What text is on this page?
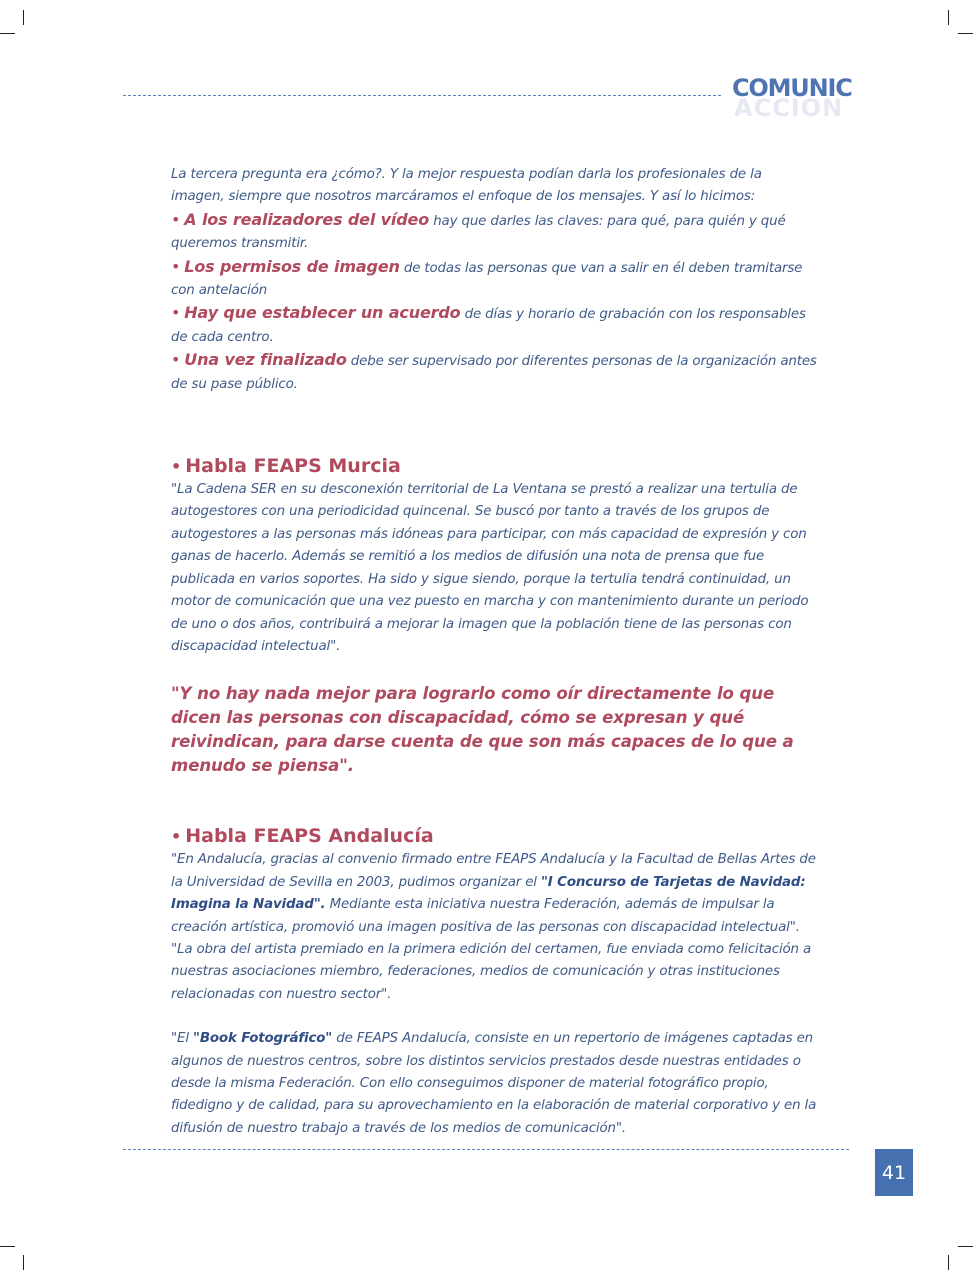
ACCIÓN
COMUNIC

La tercera pregunta era ¿cómo?. Y la mejor respuesta podían darla los profesionales de la imagen, siempre que nosotros marcáramos el enfoque de los mensajes. Y así lo hicimos:

• A los realizadores del vídeo hay que darles las claves: para qué, para quién y qué queremos transmitir.

• Los permisos de imagen de todas las personas que van a salir en él deben tramitarse con antelación

• Hay que establecer un acuerdo de días y horario de grabación con los responsables de cada centro.

• Una vez finalizado debe ser supervisado por diferentes personas de la organización antes de su pase público.

• Habla FEAPS Murcia

"La Cadena SER en su desconexión territorial de La Ventana se prestó a realizar una tertulia de autogestores con una periodicidad quincenal. Se buscó por tanto a través de los grupos de autogestores a las personas más idóneas para participar, con más capacidad de expresión y con ganas de hacerlo. Además se remitió a los medios de difusión una nota de prensa que fue publicada en varios soportes. Ha sido y sigue siendo, porque la tertulia tendrá continuidad, un motor de comunicación que una vez puesto en marcha y con mantenimiento durante un periodo de uno o dos años, contribuirá a mejorar la imagen que la población tiene de las personas con discapacidad intelectual".

"Y no hay nada mejor para lograrlo como oír directamente lo que dicen las personas con discapacidad, cómo se expresan y qué reivindican, para darse cuenta de que son más capaces de lo que a menudo se piensa".

• Habla FEAPS Andalucía

"En Andalucía, gracias al convenio firmado entre FEAPS Andalucía y la Facultad de Bellas Artes de la Universidad de Sevilla en 2003, pudimos organizar el "I Concurso de Tarjetas de Navidad: Imagina la Navidad". Mediante esta iniciativa nuestra Federación, además de impulsar la creación artística, promovió una imagen positiva de las personas con discapacidad intelectual".

"La obra del artista premiado en la primera edición del certamen, fue enviada como felicitación a nuestras asociaciones miembro, federaciones, medios de comunicación y otras instituciones relacionadas con nuestro sector".

"El "Book Fotográfico" de FEAPS Andalucía, consiste en un repertorio de imágenes captadas en algunos de nuestros centros, sobre los distintos servicios prestados desde nuestras entidades o desde la misma Federación. Con ello conseguimos disponer de material fotográfico propio, fidedigno y de calidad, para su aprovechamiento en la elaboración de material corporativo y en la difusión de nuestro trabajo a través de los medios de comunicación".

41
